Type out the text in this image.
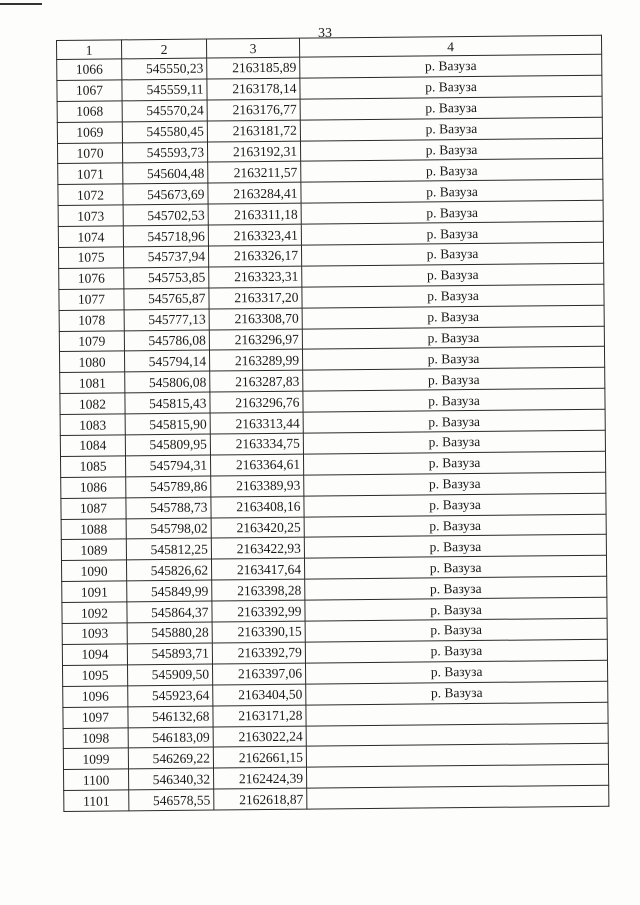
33
1	2	3	4
1066	545550,23	2163185,89	р. Вазуза
1067	545559,11	2163178,14	р. Вазуза
1068	545570,24	2163176,77	р. Вазуза
1069	545580,45	2163181,72	р. Вазуза
1070	545593,73	2163192,31	р. Вазуза
1071	545604,48	2163211,57	р. Вазуза
1072	545673,69	2163284,41	р. Вазуза
1073	545702,53	2163311,18	р. Вазуза
1074	545718,96	2163323,41	р. Вазуза
1075	545737,94	2163326,17	р. Вазуза
1076	545753,85	2163323,31	р. Вазуза
1077	545765,87	2163317,20	р. Вазуза
1078	545777,13	2163308,70	р. Вазуза
1079	545786,08	2163296,97	р. Вазуза
1080	545794,14	2163289,99	р. Вазуза
1081	545806,08	2163287,83	р. Вазуза
1082	545815,43	2163296,76	р. Вазуза
1083	545815,90	2163313,44	р. Вазуза
1084	545809,95	2163334,75	р. Вазуза
1085	545794,31	2163364,61	р. Вазуза
1086	545789,86	2163389,93	р. Вазуза
1087	545788,73	2163408,16	р. Вазуза
1088	545798,02	2163420,25	р. Вазуза
1089	545812,25	2163422,93	р. Вазуза
1090	545826,62	2163417,64	р. Вазуза
1091	545849,99	2163398,28	р. Вазуза
1092	545864,37	2163392,99	р. Вазуза
1093	545880,28	2163390,15	р. Вазуза
1094	545893,71	2163392,79	р. Вазуза
1095	545909,50	2163397,06	р. Вазуза
1096	545923,64	2163404,50	р. Вазуза
1097	546132,68	2163171,28	
1098	546183,09	2163022,24	
1099	546269,22	2162661,15	
1100	546340,32	2162424,39	
1101	546578,55	2162618,87	
